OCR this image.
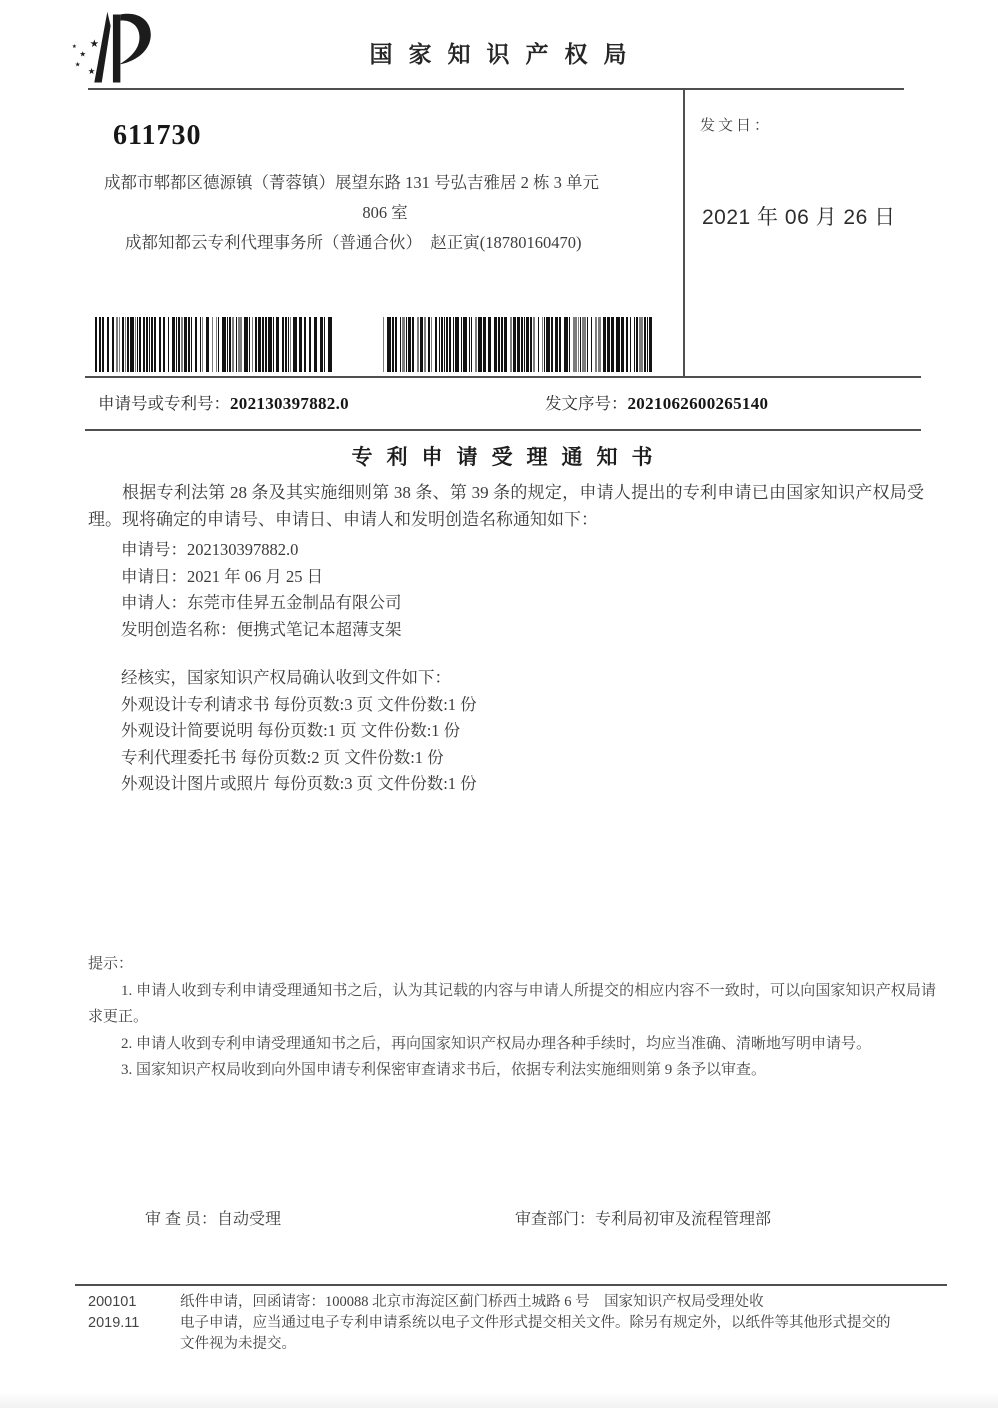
★
★
★
★
★
国家知识产权局
611730
成都市郫都区德源镇（菁蓉镇）展望东路 131 号弘吉雅居 2 栋 3 单元
806 室
成都知都云专利代理事务所（普通合伙）　赵正寅(18780160470)
发文日：
2021 年 06 月 26 日
申请号或专利号：202130397882.0	发文序号：2021062600265140
专利申请受理通知书
根据专利法第 28 条及其实施细则第 38 条、第 39 条的规定，申请人提出的专利申请已由国家知识产权局受理。现将确定的申请号、申请日、申请人和发明创造名称通知如下：
申请号：202130397882.0
申请日：2021 年 06 月 25 日
申请人：东莞市佳昇五金制品有限公司
发明创造名称：便携式笔记本超薄支架
经核实，国家知识产权局确认收到文件如下：
外观设计专利请求书 每份页数:3 页 文件份数:1 份
外观设计简要说明 每份页数:1 页 文件份数:1 份
专利代理委托书 每份页数:2 页 文件份数:1 份
外观设计图片或照片 每份页数:3 页 文件份数:1 份
提示：

1. 申请人收到专利申请受理通知书之后，认为其记载的内容与申请人所提交的相应内容不一致时，可以向国家知识产权局请求更正。

2. 申请人收到专利申请受理通知书之后，再向国家知识产权局办理各种手续时，均应当准确、清晰地写明申请号。

3. 国家知识产权局收到向外国申请专利保密审查请求书后，依据专利法实施细则第 9 条予以审查。

审 查 员：自动受理	审查部门：专利局初审及流程管理部
200101
2019.11
纸件申请，回函请寄：100088 北京市海淀区蓟门桥西土城路 6 号　国家知识产权局受理处收
电子申请，应当通过电子专利申请系统以电子文件形式提交相关文件。除另有规定外，以纸件等其他形式提交的文件视为未提交。
